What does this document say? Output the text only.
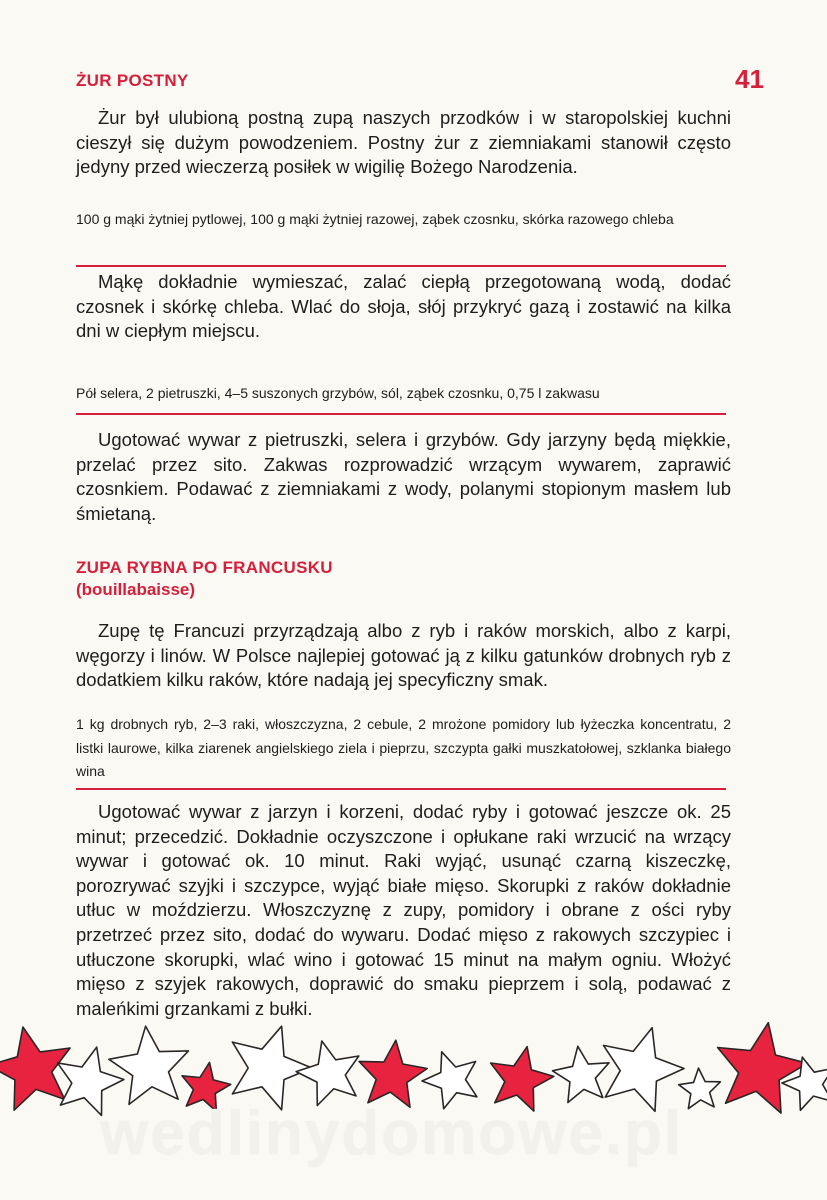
41
ŻUR POSTNY

Żur był ulubioną postną zupą naszych przodków i w staropolskiej kuchni cieszył się dużym powodzeniem. Postny żur z ziemniakami stanowił często jedyny przed wieczerzą posiłek w wigilię Bożego Narodzenia.

100 g mąki żytniej pytlowej, 100 g mąki żytniej razowej, ząbek czosnku, skórka razowego chleba

Mąkę dokładnie wymieszać, zalać ciepłą przegotowaną wodą, dodać czosnek i skórkę chleba. Wlać do słoja, słój przykryć gazą i zostawić na kilka dni w ciepłym miejscu.

Pół selera, 2 pietruszki, 4–5 suszonych grzybów, sól, ząbek czosnku, 0,75 l zakwasu

Ugotować wywar z pietruszki, selera i grzybów. Gdy jarzyny będą miękkie, przelać przez sito. Zakwas rozprowadzić wrzącym wywarem, zaprawić czosnkiem. Podawać z ziemniakami z wody, polanymi stopionym masłem lub śmietaną.

ZUPA RYBNA PO FRANCUSKU
(bouillabaisse)

Zupę tę Francuzi przyrządzają albo z ryb i raków morskich, albo z karpi, węgorzy i linów. W Polsce najlepiej gotować ją z kilku gatunków drobnych ryb z dodatkiem kilku raków, które nadają jej specyficzny smak.

1 kg drobnych ryb, 2–3 raki, włoszczyzna, 2 cebule, 2 mrożone pomidory lub łyżeczka koncentratu, 2 listki laurowe, kilka ziarenek angielskiego ziela i pieprzu, szczypta gałki muszkatołowej, szklanka białego wina

Ugotować wywar z jarzyn i korzeni, dodać ryby i gotować jeszcze ok. 25 minut; przecedzić. Dokładnie oczyszczone i opłukane raki wrzucić na wrzący wywar i gotować ok. 10 minut. Raki wyjąć, usunąć czarną kiszeczkę, porozrywać szyjki i szczypce, wyjąć białe mięso. Skorupki z raków dokładnie utłuc w moździerzu. Włoszczyznę z zupy, pomidory i obrane z ości ryby przetrzeć przez sito, dodać do wywaru. Dodać mięso z rakowych szczypiec i utłuczone skorupki, wlać wino i gotować 15 minut na małym ogniu. Włożyć mięso z szyjek rakowych, doprawić do smaku pieprzem i solą, podawać z maleńkimi grzankami z bułki.

wedlinydomowe.pl
